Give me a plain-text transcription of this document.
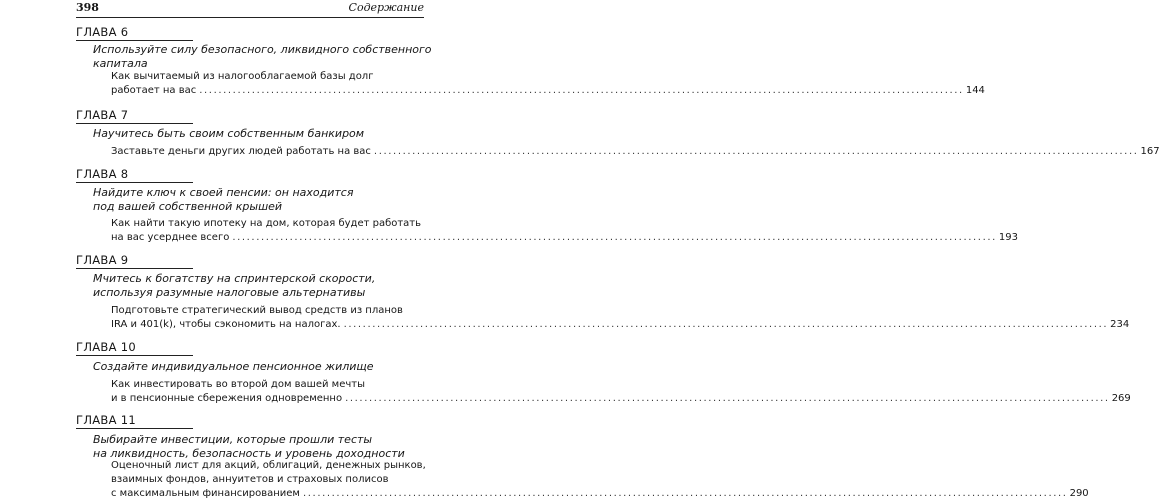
398	Содержание
ГЛАВА 6
Используйте силу безопасного, ликвидного собственного
капитала
Как вычитаемый из налогооблагаемой базы долг
работает на вас ................................................................................................................................................................ 144
ГЛАВА 7
Научитесь быть своим собственным банкиром
Заставьте деньги других людей работать на вас ................................................................................................................................................................ 167
ГЛАВА 8
Найдите ключ к своей пенсии: он находится
под вашей собственной крышей
Как найти такую ипотеку на дом, которая будет работать
на вас усерднее всего ................................................................................................................................................................ 193
ГЛАВА 9
Мчитесь к богатству на спринтерской скорости,
используя разумные налоговые альтернативы
Подготовьте стратегический вывод средств из планов
IRA и 401(k), чтобы сэкономить на налогах. ................................................................................................................................................................ 234
ГЛАВА 10
Создайте индивидуальное пенсионное жилище
Как инвестировать во второй дом вашей мечты
и в пенсионные сбережения одновременно ................................................................................................................................................................ 269
ГЛАВА 11
Выбирайте инвестиции, которые прошли тесты
на ликвидность, безопасность и уровень доходности
Оценочный лист для акций, облигаций, денежных рынков,
взаимных фондов, аннуитетов и страховых полисов
с максимальным финансированием ................................................................................................................................................................ 290
